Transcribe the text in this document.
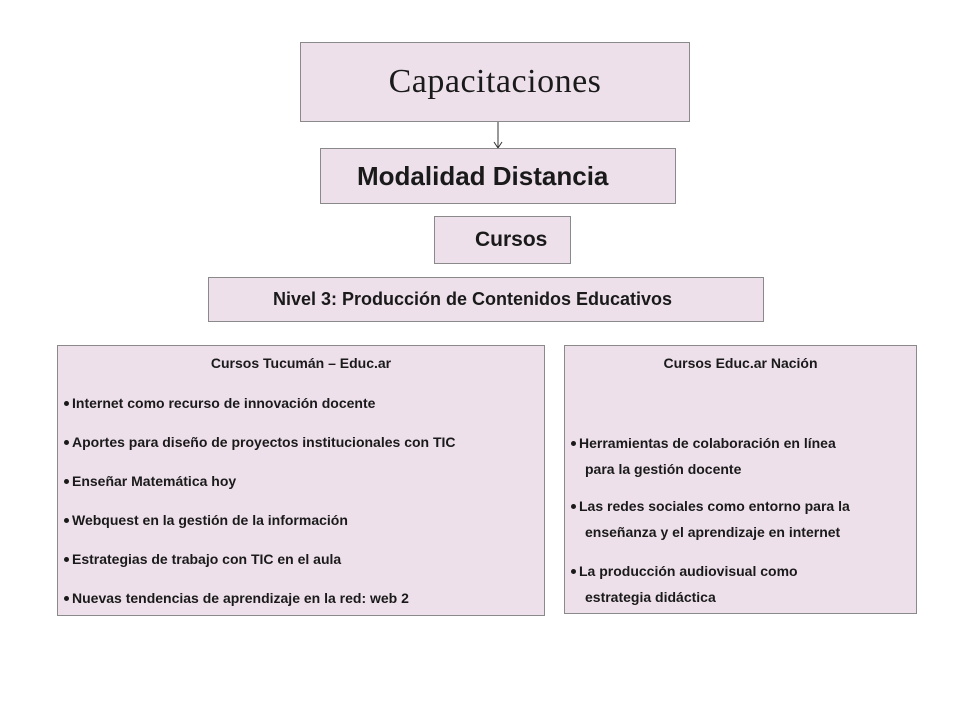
Capacitaciones
Modalidad Distancia
Cursos
Nivel 3: Producción de Contenidos Educativos
Cursos Tucumán – Educ.ar
Internet como recurso de innovación docente
Aportes para diseño de proyectos institucionales con TIC
Enseñar Matemática hoy
Webquest en la gestión de la información
Estrategias de trabajo con TIC en el aula
Nuevas tendencias de aprendizaje en la red: web 2
Cursos Educ.ar Nación
Herramientas de colaboración en línea
para la gestión docente
Las redes sociales como entorno para la
enseñanza y el aprendizaje en internet
La producción audiovisual como
estrategia didáctica
